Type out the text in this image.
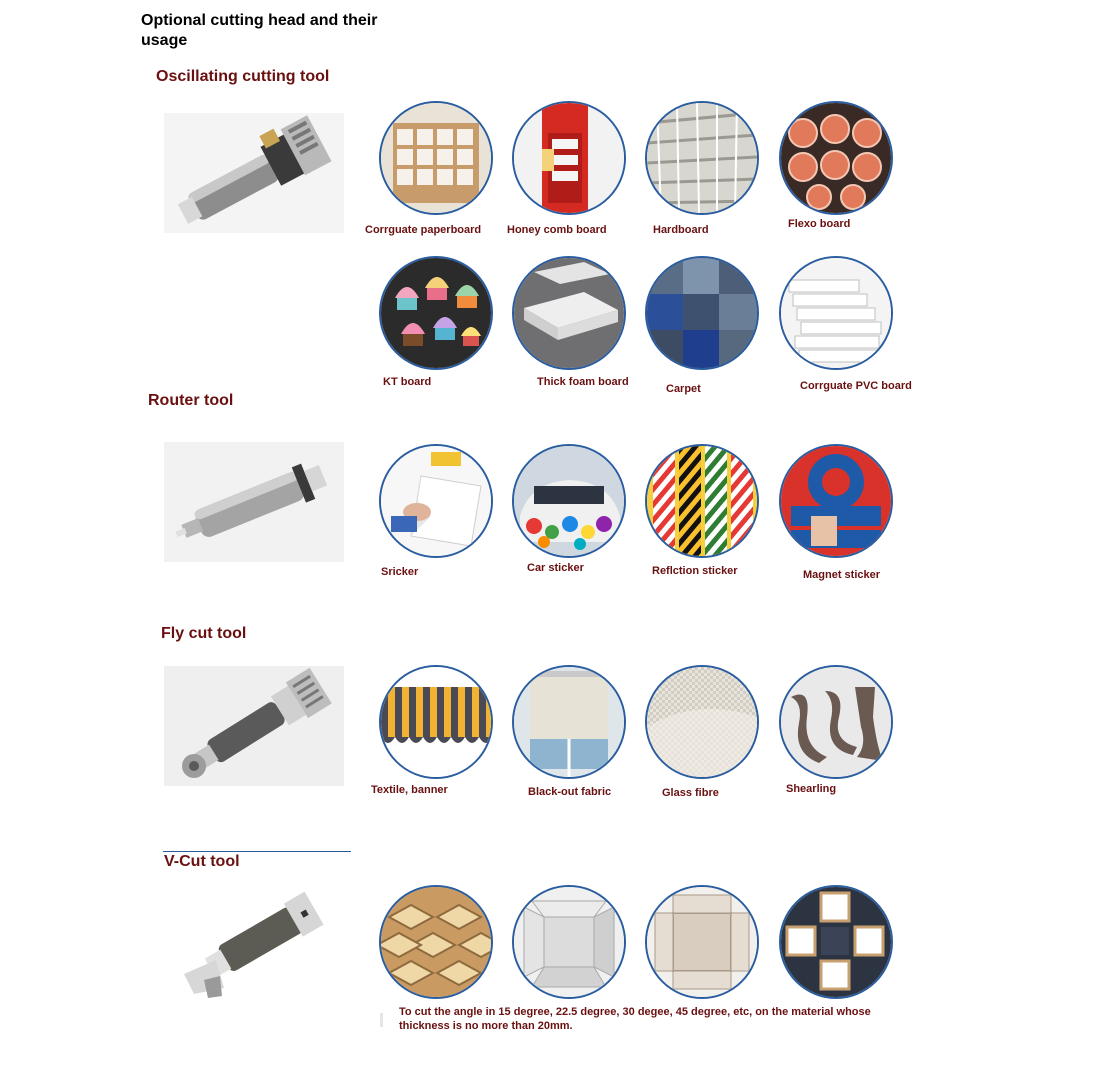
Optional cutting head and their usage
Oscillating cutting tool
Corrguate paperboard Honey comb board	Hardboard	Flexo board
KT board	Thick foam board
Carpet	Corrguate PVC board
Router tool
Sricker	Car sticker	Reflction sticker	Magnet sticker
Fly cut tool
Textile, banner	Black-out fabric	Glass fibre	Shearling
V-Cut tool
To cut the angle in 15 degree, 22.5 degree, 30 degee, 45 degree, etc, on the material whose thickness is no more than 20mm.
